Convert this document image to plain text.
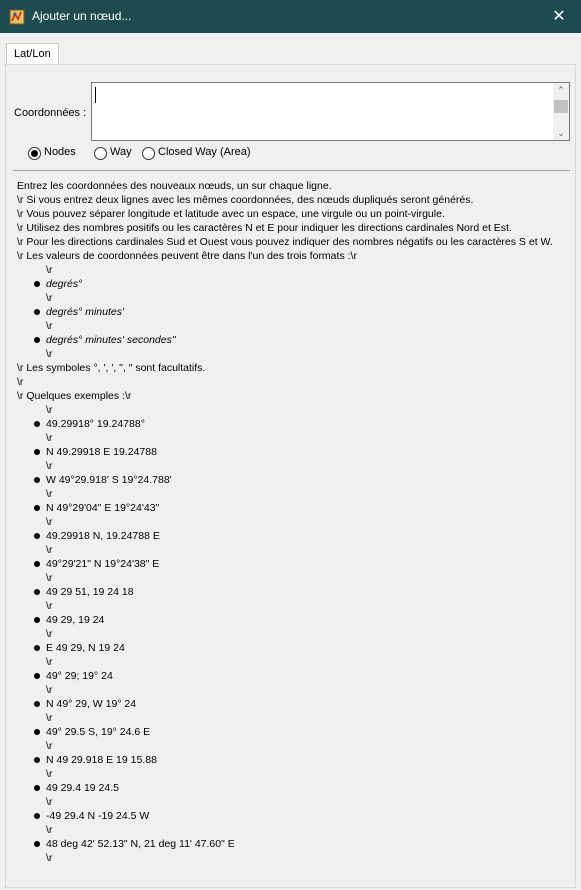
Ajouter un nœud...	✕
Lat/Lon
Coordonnées :
⌃
⌄
Nodes	Way Closed Way (Area)
Entrez les coordonnées des nouveaux nœuds, un sur chaque ligne.
\r Si vous entrez deux lignes avec les mêmes coordonnées, des nœuds dupliqués seront générés.
\r Vous pouvez séparer longitude et latitude avec un espace, une virgule ou un point-virgule.
\r Utilisez des nombres positifs ou les caractères N et E pour indiquer les directions cardinales Nord et Est.
\r Pour les directions cardinales Sud et Ouest vous pouvez indiquer des nombres négatifs ou les caractères S et W.
\r Les valeurs de coordonnées peuvent être dans l'un des trois formats :\r
\r
degrés°
\r
degrés° minutes'
\r
degrés° minutes' secondes"
\r
\r Les symboles °, ', ′, ", ″ sont facultatifs.
\r
\r Quelques exemples :\r
\r
49.29918° 19.24788°
\r
N 49.29918 E 19.24788
\r
W 49°29.918' S 19°24.788'
\r
N 49°29'04" E 19°24'43"
\r
49.29918 N, 19.24788 E
\r
49°29'21" N 19°24'38" E
\r
49 29 51, 19 24 18
\r
49 29, 19 24
\r
E 49 29, N 19 24
\r
49° 29; 19° 24
\r
N 49° 29, W 19° 24
\r
49° 29.5 S, 19° 24.6 E
\r
N 49 29.918 E 19 15.88
\r
49 29.4 19 24.5
\r
-49 29.4 N -19 24.5 W
\r
48 deg 42' 52.13" N, 21 deg 11' 47.60" E
\r
